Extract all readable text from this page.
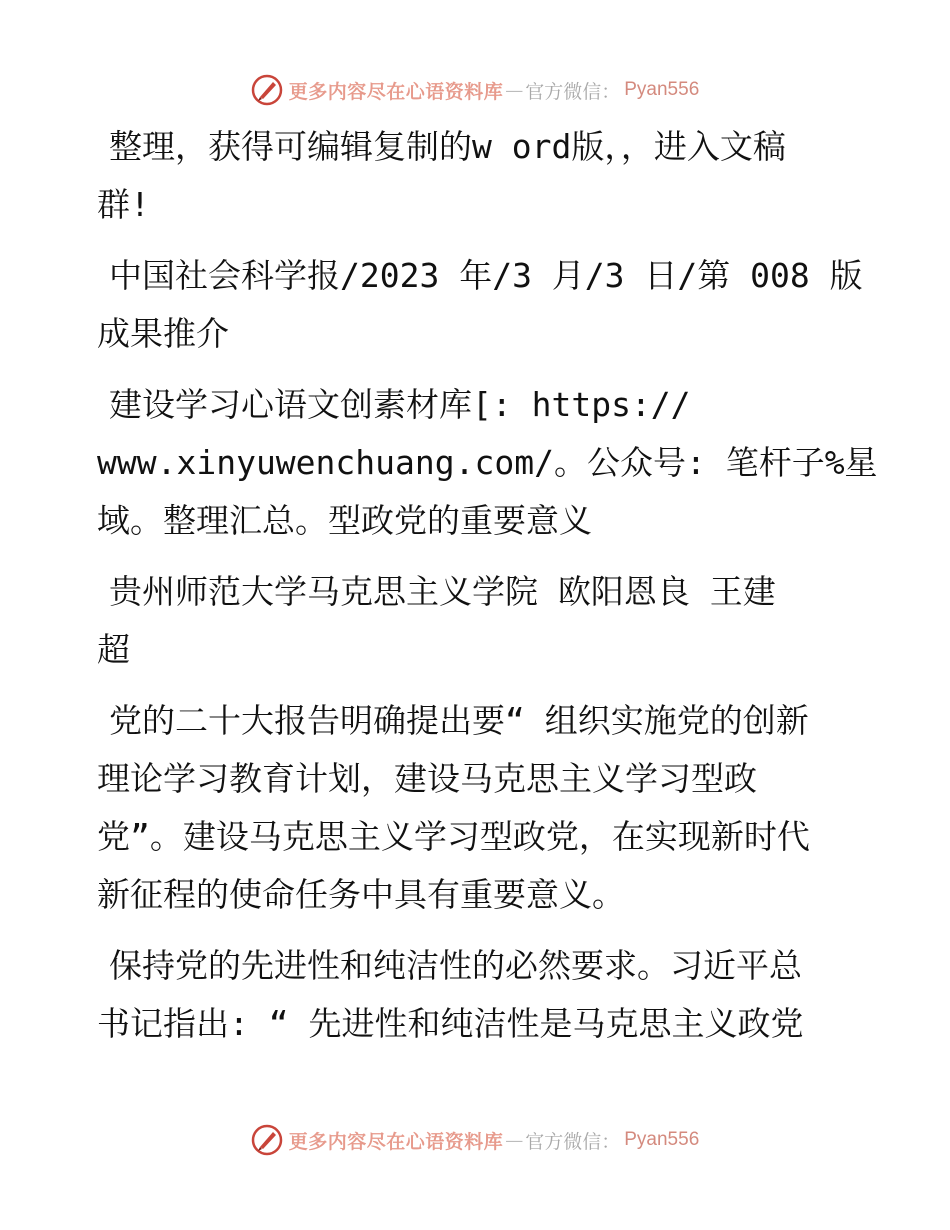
更多内容尽在心语资料库 — 官方微信： Pyan556
整理，获得可编辑复制的w ord版，，进入文稿
群!
中国社会科学报/2023 年/3 月/3 日/第 008 版
成果推介
建设学习心语文创素材库[: https://
www.xinyuwenchuang.com/。公众号: 笔杆子%星
域。整理汇总。型政党的重要意义
贵州师范大学马克思主义学院 欧阳恩良 王建
超
党的二十大报告明确提出要“ 组织实施党的创新
理论学习教育计划，建设马克思主义学习型政
党”。建设马克思主义学习型政党，在实现新时代
新征程的使命任务中具有重要意义。
保持党的先进性和纯洁性的必然要求。习近平总
书记指出: “ 先进性和纯洁性是马克思主义政党
更多内容尽在心语资料库 — 官方微信： Pyan556
